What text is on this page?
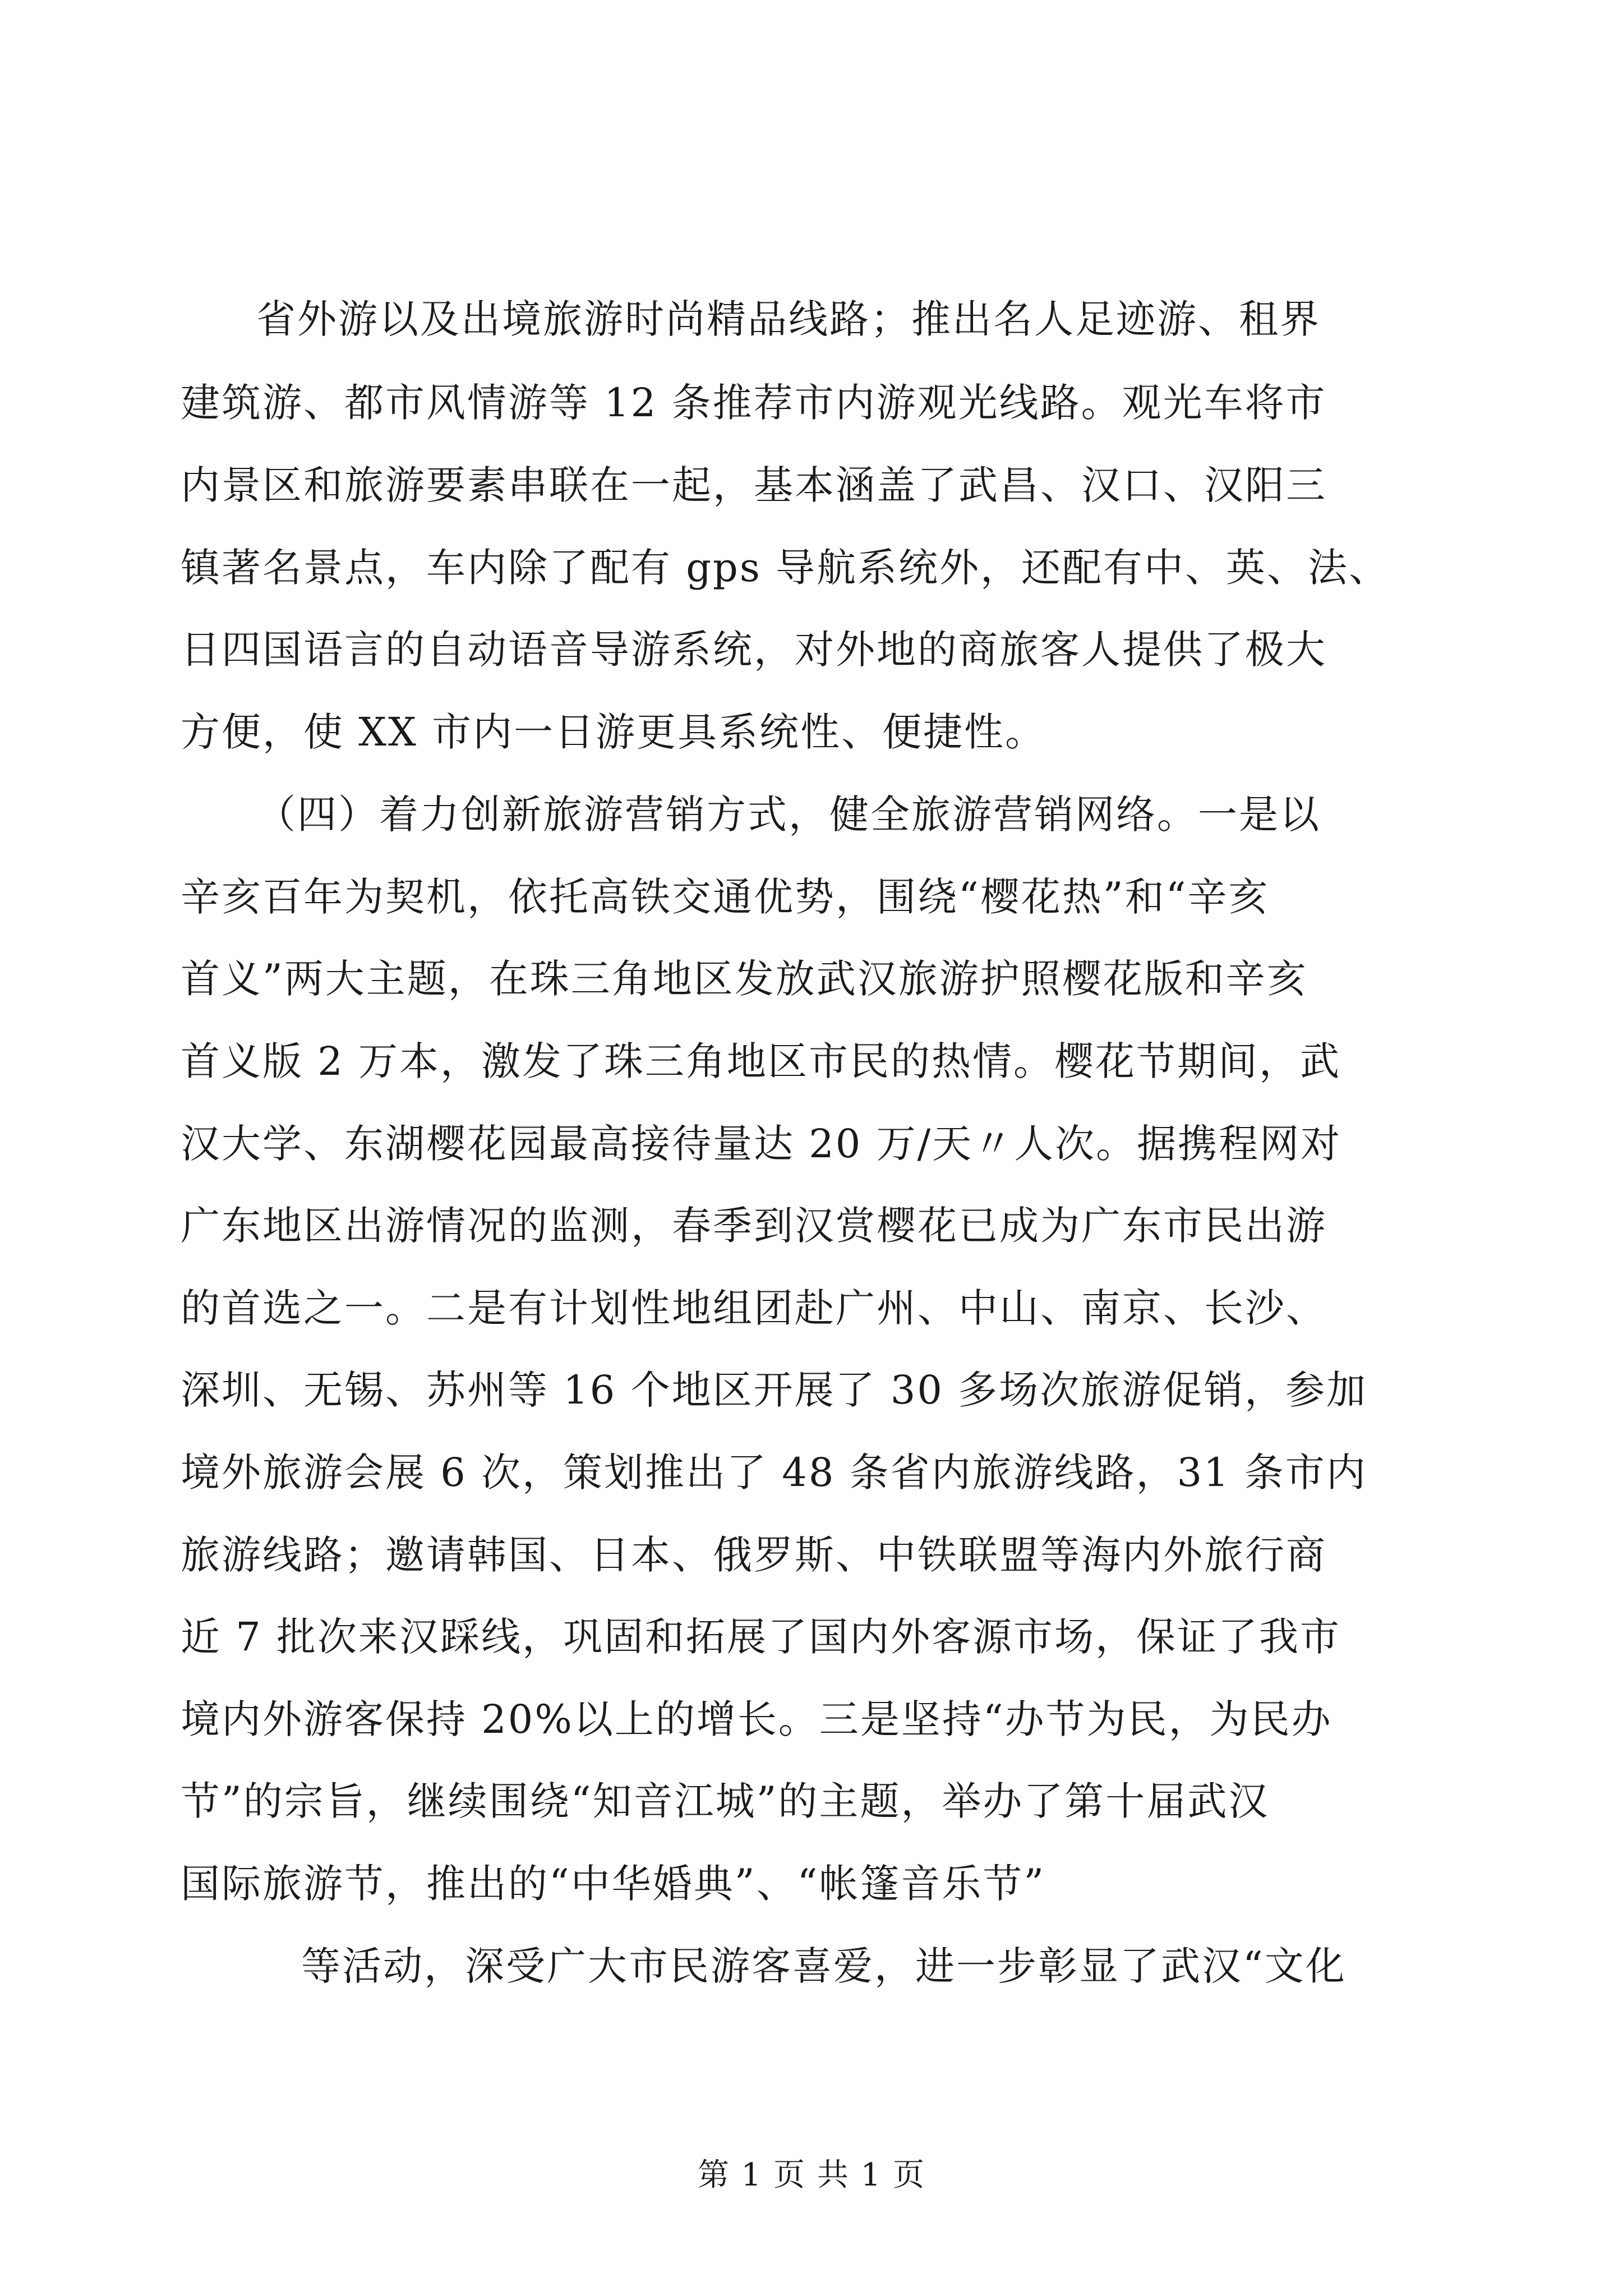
省外游以及出境旅游时尚精品线路；推出名人足迹游、租界
建筑游、都市风情游等 12 条推荐市内游观光线路。观光车将市
内景区和旅游要素串联在一起，基本涵盖了武昌、汉口、汉阳三
镇著名景点，车内除了配有 gps 导航系统外，还配有中、英、法、
日四国语言的自动语音导游系统，对外地的商旅客人提供了极大
方便，使 XX 市内一日游更具系统性、便捷性。
（四）着力创新旅游营销方式，健全旅游营销网络。一是以
辛亥百年为契机，依托高铁交通优势，围绕“樱花热”和“辛亥
首义”两大主题，在珠三角地区发放武汉旅游护照樱花版和辛亥
首义版 2 万本，激发了珠三角地区市民的热情。樱花节期间，武
汉大学、东湖樱花园最高接待量达 20 万/天〃人次。据携程网对
广东地区出游情况的监测，春季到汉赏樱花已成为广东市民出游
的首选之一。二是有计划性地组团赴广州、中山、南京、长沙、
深圳、无锡、苏州等 16 个地区开展了 30 多场次旅游促销，参加
境外旅游会展 6 次，策划推出了 48 条省内旅游线路，31 条市内
旅游线路；邀请韩国、日本、俄罗斯、中铁联盟等海内外旅行商
近 7 批次来汉踩线，巩固和拓展了国内外客源市场，保证了我市
境内外游客保持 20%以上的增长。三是坚持“办节为民，为民办
节”的宗旨，继续围绕“知音江城”的主题，举办了第十届武汉
国际旅游节，推出的“中华婚典”、“帐篷音乐节”
等活动，深受广大市民游客喜爱，进一步彰显了武汉“文化
第 1 页 共 1 页
